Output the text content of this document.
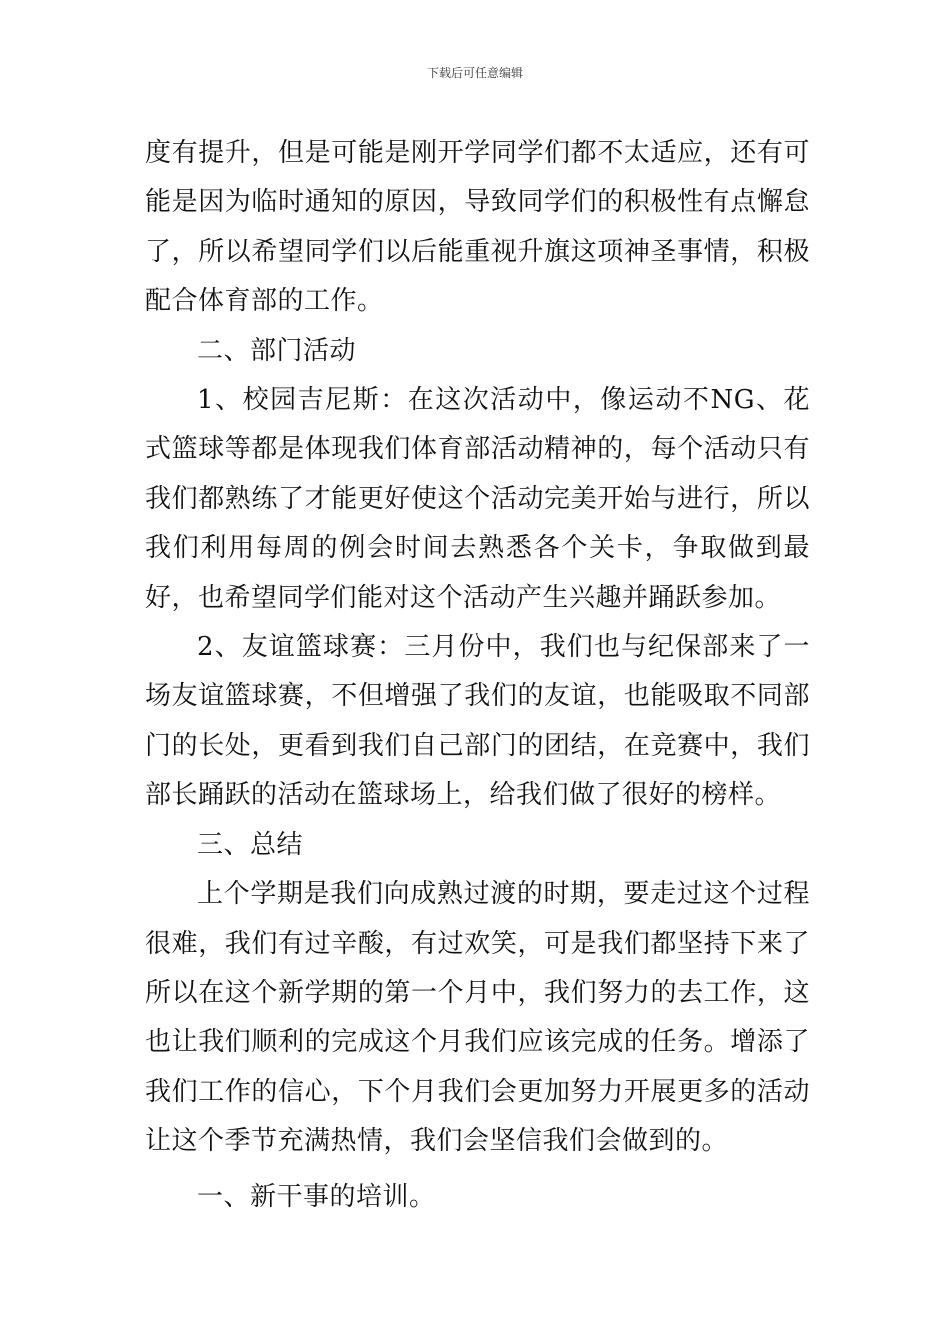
下载后可任意编辑

度有提升，但是可能是刚开学同学们都不太适应，还有可能是因为临时通知的原因，导致同学们的积极性有点懈怠了，所以希望同学们以后能重视升旗这项神圣事情，积极配合体育部的工作。

二、部门活动

1、校园吉尼斯：在这次活动中，像运动不NG、花式篮球等都是体现我们体育部活动精神的，每个活动只有我们都熟练了才能更好使这个活动完美开始与进行，所以我们利用每周的例会时间去熟悉各个关卡，争取做到最好，也希望同学们能对这个活动产生兴趣并踊跃参加。

2、友谊篮球赛：三月份中，我们也与纪保部来了一场友谊篮球赛，不但增强了我们的友谊，也能吸取不同部门的长处，更看到我们自己部门的团结，在竞赛中，我们部长踊跃的活动在篮球场上，给我们做了很好的榜样。

三、总结

上个学期是我们向成熟过渡的时期，要走过这个过程很难，我们有过辛酸，有过欢笑，可是我们都坚持下来了所以在这个新学期的第一个月中，我们努力的去工作，这也让我们顺利的完成这个月我们应该完成的任务。增添了我们工作的信心，下个月我们会更加努力开展更多的活动让这个季节充满热情，我们会坚信我们会做到的。

一、新干事的培训。
